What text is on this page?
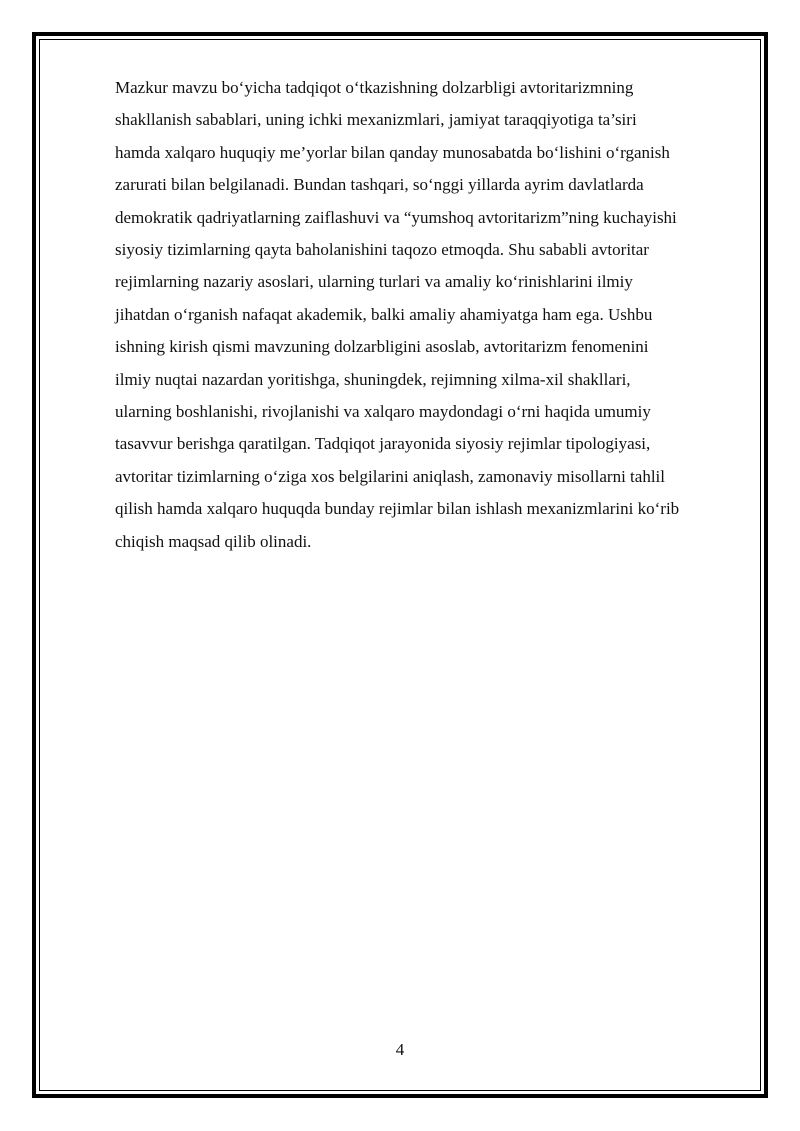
Mazkur mavzu bo‘yicha tadqiqot o‘tkazishning dolzarbligi avtoritarizmning
shakllanish sabablari, uning ichki mexanizmlari, jamiyat taraqqiyotiga ta’siri
hamda xalqaro huquqiy me’yorlar bilan qanday munosabatda bo‘lishini o‘rganish
zarurati bilan belgilanadi. Bundan tashqari, so‘nggi yillarda ayrim davlatlarda
demokratik qadriyatlarning zaiflashuvi va “yumshoq avtoritarizm”ning kuchayishi
siyosiy tizimlarning qayta baholanishini taqozo etmoqda. Shu sababli avtoritar
rejimlarning nazariy asoslari, ularning turlari va amaliy ko‘rinishlarini ilmiy
jihatdan o‘rganish nafaqat akademik, balki amaliy ahamiyatga ham ega. Ushbu
ishning kirish qismi mavzuning dolzarbligini asoslab, avtoritarizm fenomenini
ilmiy nuqtai nazardan yoritishga, shuningdek, rejimning xilma-xil shakllari,
ularning boshlanishi, rivojlanishi va xalqaro maydondagi o‘rni haqida umumiy
tasavvur berishga qaratilgan. Tadqiqot jarayonida siyosiy rejimlar tipologiyasi,
avtoritar tizimlarning o‘ziga xos belgilarini aniqlash, zamonaviy misollarni tahlil
qilish hamda xalqaro huquqda bunday rejimlar bilan ishlash mexanizmlarini ko‘rib
chiqish maqsad qilib olinadi.

4
